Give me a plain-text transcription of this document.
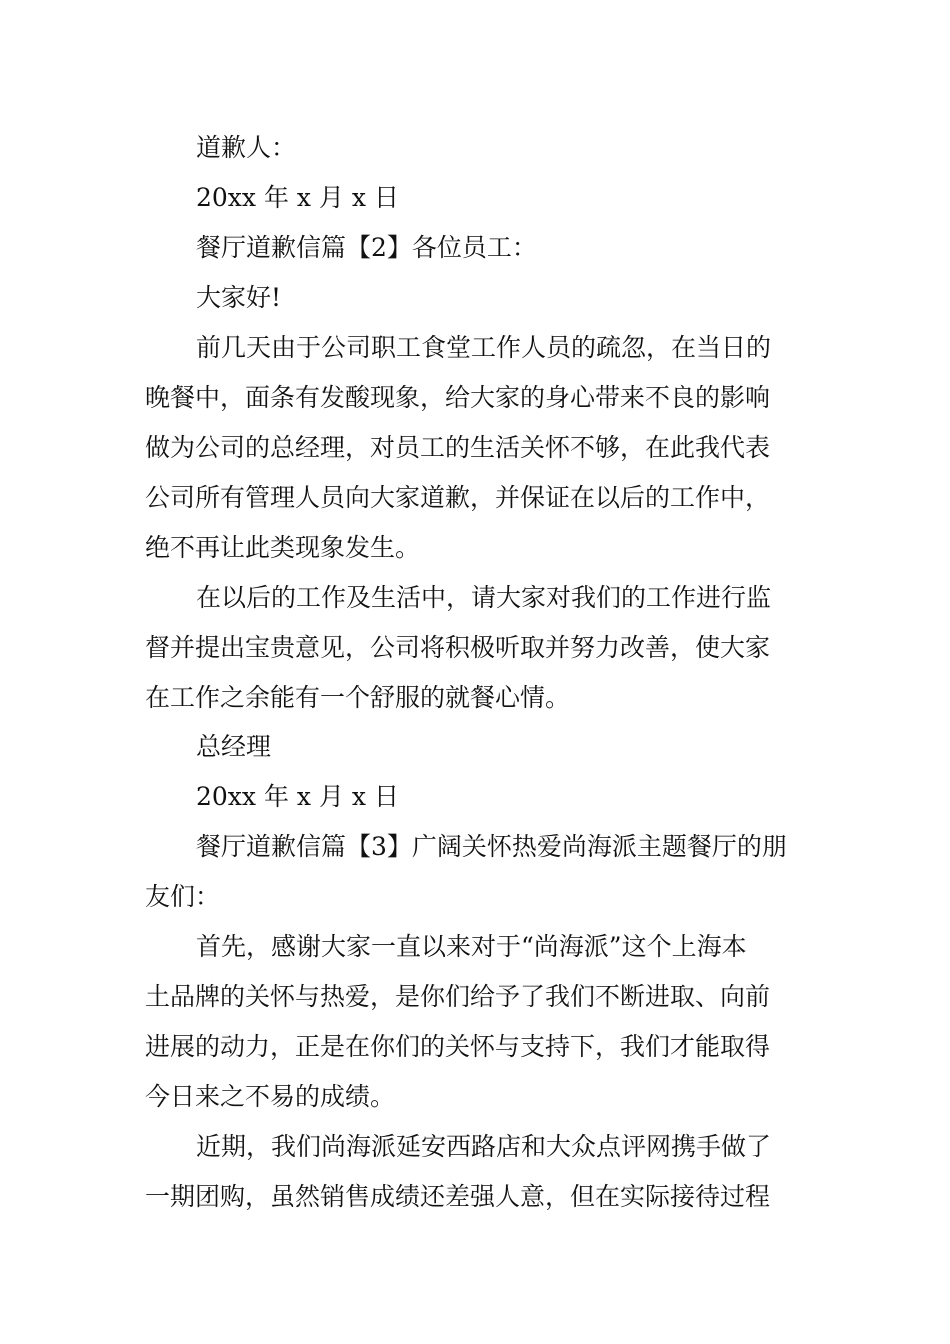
道歉人：
20xx 年 x 月 x 日
餐厅道歉信篇【2】各位员工：
大家好!
前几天由于公司职工食堂工作人员的疏忽，在当日的
晚餐中，面条有发酸现象，给大家的身心带来不良的影响
做为公司的总经理，对员工的生活关怀不够，在此我代表
公司所有管理人员向大家道歉，并保证在以后的工作中，
绝不再让此类现象发生。
在以后的工作及生活中，请大家对我们的工作进行监
督并提出宝贵意见，公司将积极听取并努力改善，使大家
在工作之余能有一个舒服的就餐心情。
总经理
20xx 年 x 月 x 日
餐厅道歉信篇【3】广阔关怀热爱尚海派主题餐厅的朋
友们：
首先，感谢大家一直以来对于“尚海派”这个上海本
土品牌的关怀与热爱，是你们给予了我们不断进取、向前
进展的动力，正是在你们的关怀与支持下，我们才能取得
今日来之不易的成绩。
近期，我们尚海派延安西路店和大众点评网携手做了
一期团购，虽然销售成绩还差强人意，但在实际接待过程
